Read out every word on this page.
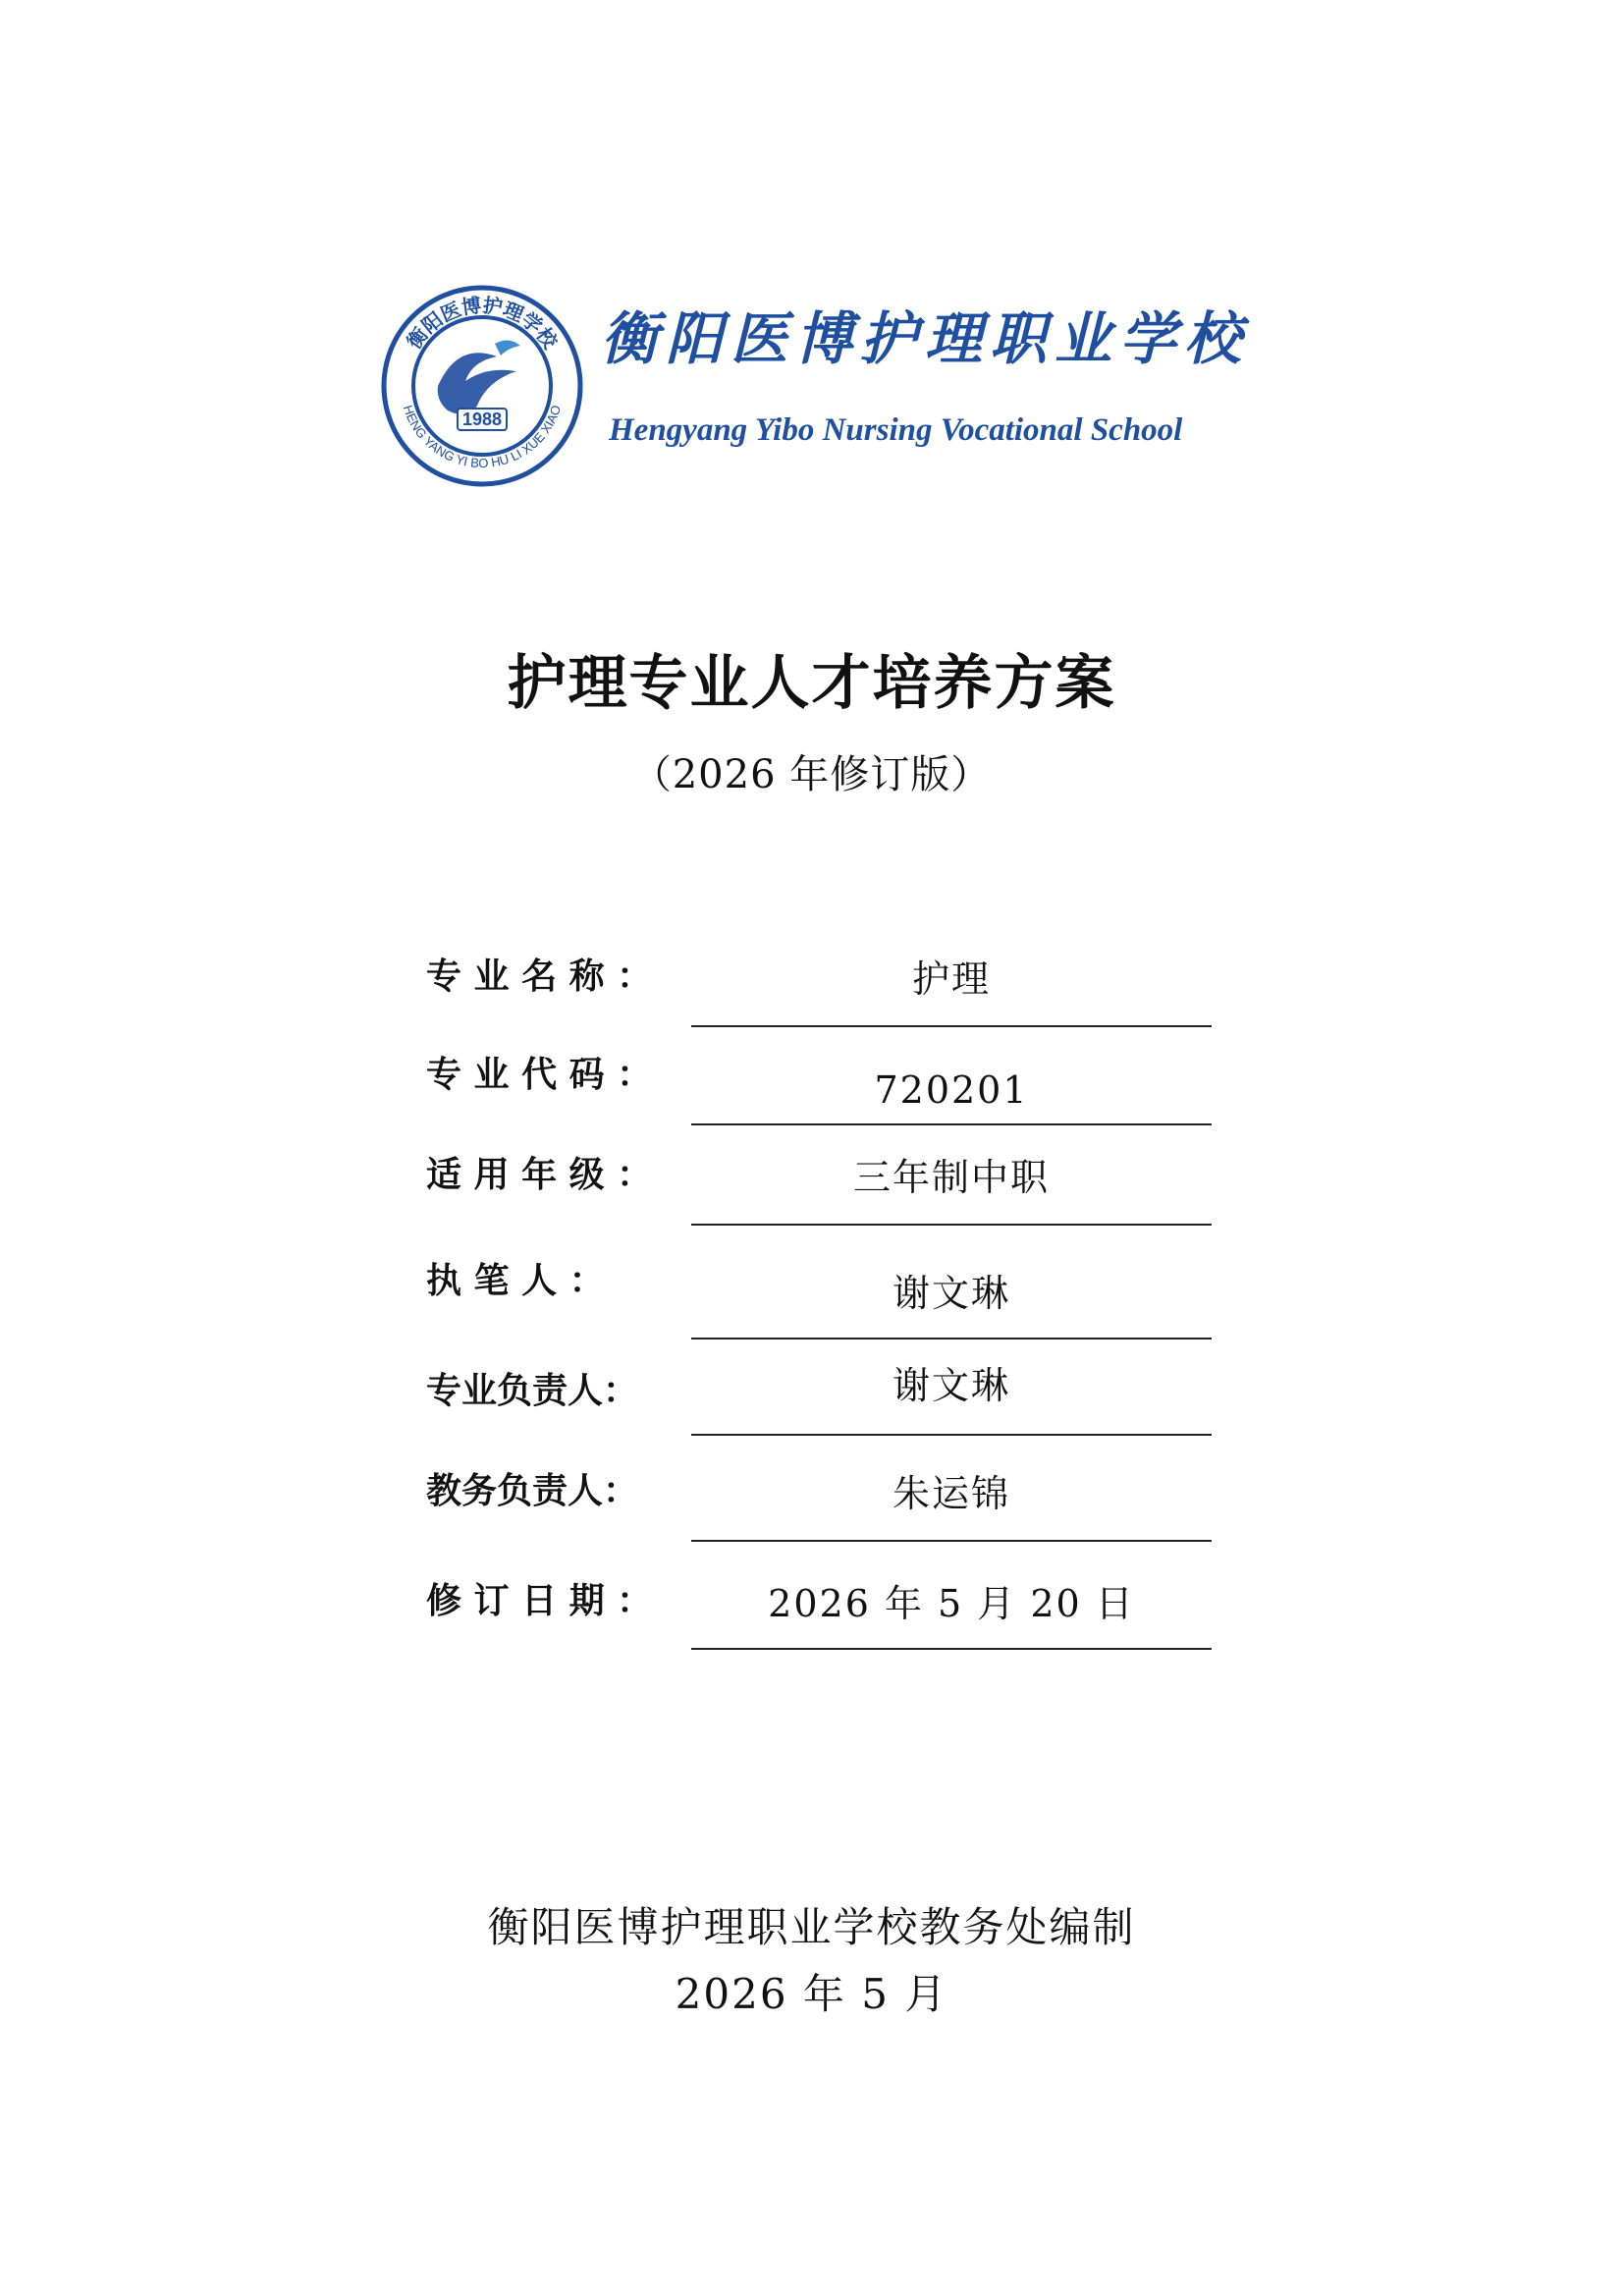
衡阳医博护理学校
HENG YANG YI BO HU LI XUE XIAO
1988
衡阳医博护理职业学校
Hengyang Yibo Nursing Vocational School
护理专业人才培养方案
（2026 年修订版）
专 业 名 称 ：	护理
专 业 代 码 ：	720201
适 用 年 级 ：	三年制中职
执 笔 人 ：	谢文琳
专业负责人：	谢文琳
教务负责人：	朱运锦
修 订 日 期 ：	2026 年 5 月 20 日
衡阳医博护理职业学校教务处编制
2026 年 5 月
